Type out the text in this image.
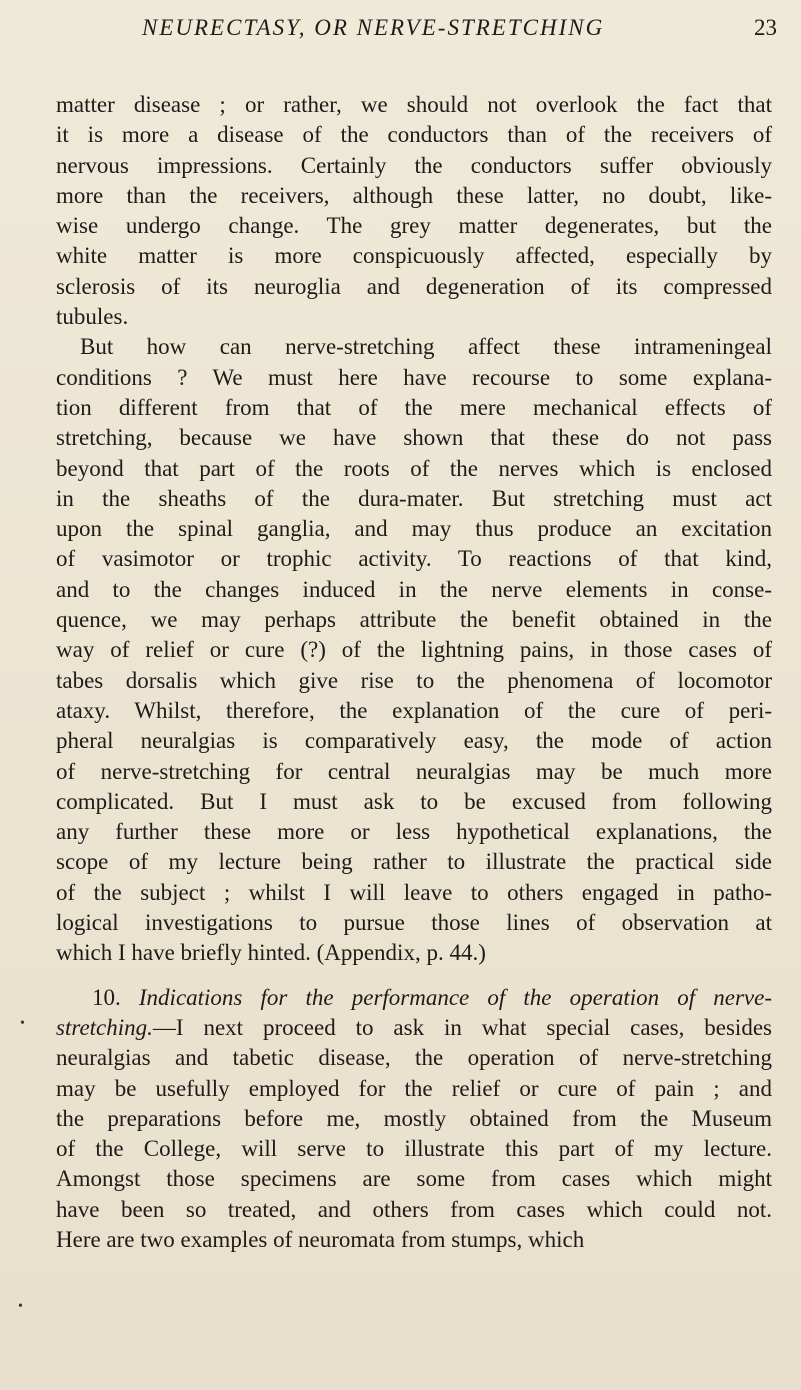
NEURECTASY, OR NERVE-STRETCHING	23
matter disease ; or rather, we should not overlook the fact that
it is more a disease of the conductors than of the receivers of
nervous impressions. Certainly the conductors suffer obviously
more than the receivers, although these latter, no doubt, like-
wise undergo change. The grey matter degenerates, but the
white matter is more conspicuously affected, especially by
sclerosis of its neuroglia and degeneration of its compressed
tubules.
But how can nerve-stretching affect these intrameningeal
conditions ? We must here have recourse to some explana-
tion different from that of the mere mechanical effects of
stretching, because we have shown that these do not pass
beyond that part of the roots of the nerves which is enclosed
in the sheaths of the dura-mater. But stretching must act
upon the spinal ganglia, and may thus produce an excitation
of vasimotor or trophic activity. To reactions of that kind,
and to the changes induced in the nerve elements in conse-
quence, we may perhaps attribute the benefit obtained in the
way of relief or cure (?) of the lightning pains, in those cases of
tabes dorsalis which give rise to the phenomena of locomotor
ataxy. Whilst, therefore, the explanation of the cure of peri-
pheral neuralgias is comparatively easy, the mode of action
of nerve-stretching for central neuralgias may be much more
complicated. But I must ask to be excused from following
any further these more or less hypothetical explanations, the
scope of my lecture being rather to illustrate the practical side
of the subject ; whilst I will leave to others engaged in patho-
logical investigations to pursue those lines of observation at
which I have briefly hinted. (Appendix, p. 44.)
10. Indications for the performance of the operation of nerve-
stretching.—I next proceed to ask in what special cases, besides
neuralgias and tabetic disease, the operation of nerve-stretching
may be usefully employed for the relief or cure of pain ; and
the preparations before me, mostly obtained from the Museum
of the College, will serve to illustrate this part of my lecture.
Amongst those specimens are some from cases which might
have been so treated, and others from cases which could not.
Here are two examples of neuromata from stumps, which
•
•
